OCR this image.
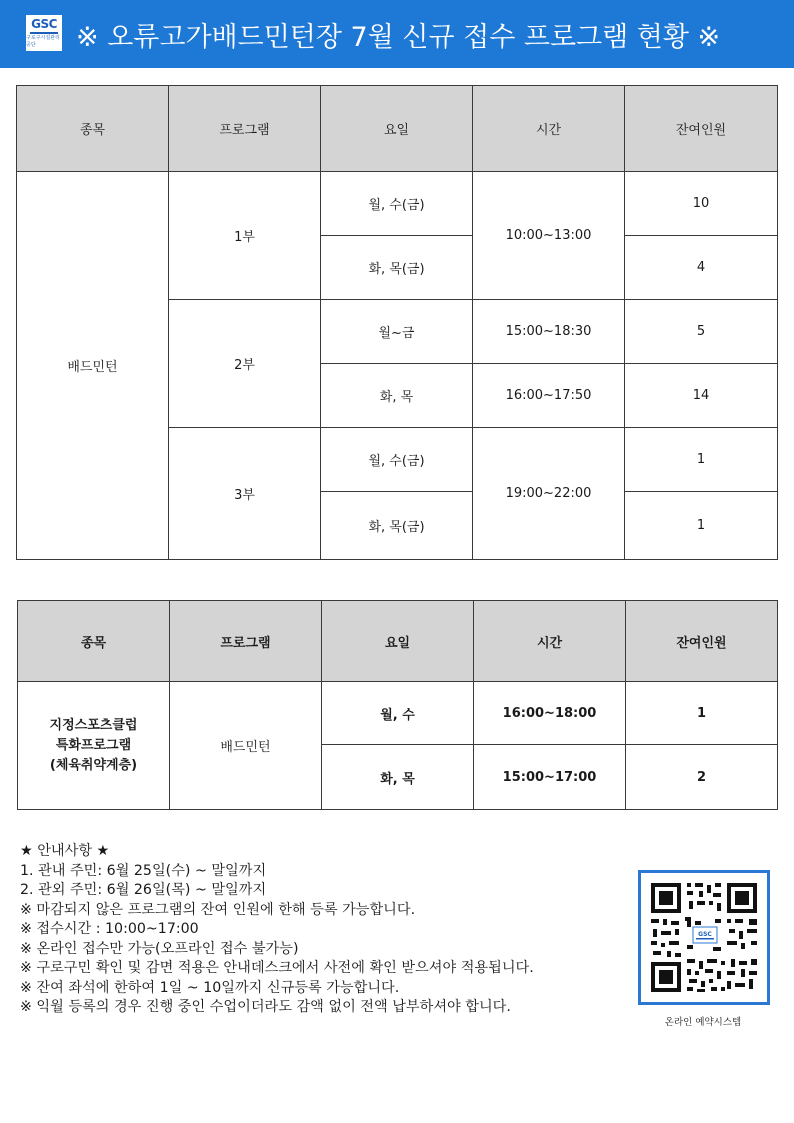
GSC
구로구시설관리공단	※ 오류고가배드민턴장 7월 신규 접수 프로그램 현황 ※
종목	프로그램	요일	시간	잔여인원
배드민턴	1부	월, 수(금)	10:00~13:00	10
		화, 목(금)		4
	2부	월~금	15:00~18:30	5
		화, 목	16:00~17:50	14
	3부	월, 수(금)	19:00~22:00	1
		화, 목(금)		1
종목	프로그램	요일	시간	잔여인원

지정스포츠클럽
특화프로그램
(체육취약계층)	배드민턴	월, 수	16:00~18:00	1
		화, 목	15:00~17:00	2
★ 안내사항 ★
1. 관내 주민: 6월 25일(수) ~ 말일까지
2. 관외 주민: 6월 26일(목) ~ 말일까지
※ 마감되지 않은 프로그램의 잔여 인원에 한해 등록 가능합니다.
※ 접수시간 : 10:00~17:00
※ 온라인 접수만 가능(오프라인 접수 불가능)
※ 구로구민 확인 및 감면 적용은 안내데스크에서 사전에 확인 받으셔야 적용됩니다.
※ 잔여 좌석에 한하여 1일 ~ 10일까지 신규등록 가능합니다.
※ 익월 등록의 경우 진행 중인 수업이더라도 감액 없이 전액 납부하셔야 합니다.
GSC
온라인 예약시스템
